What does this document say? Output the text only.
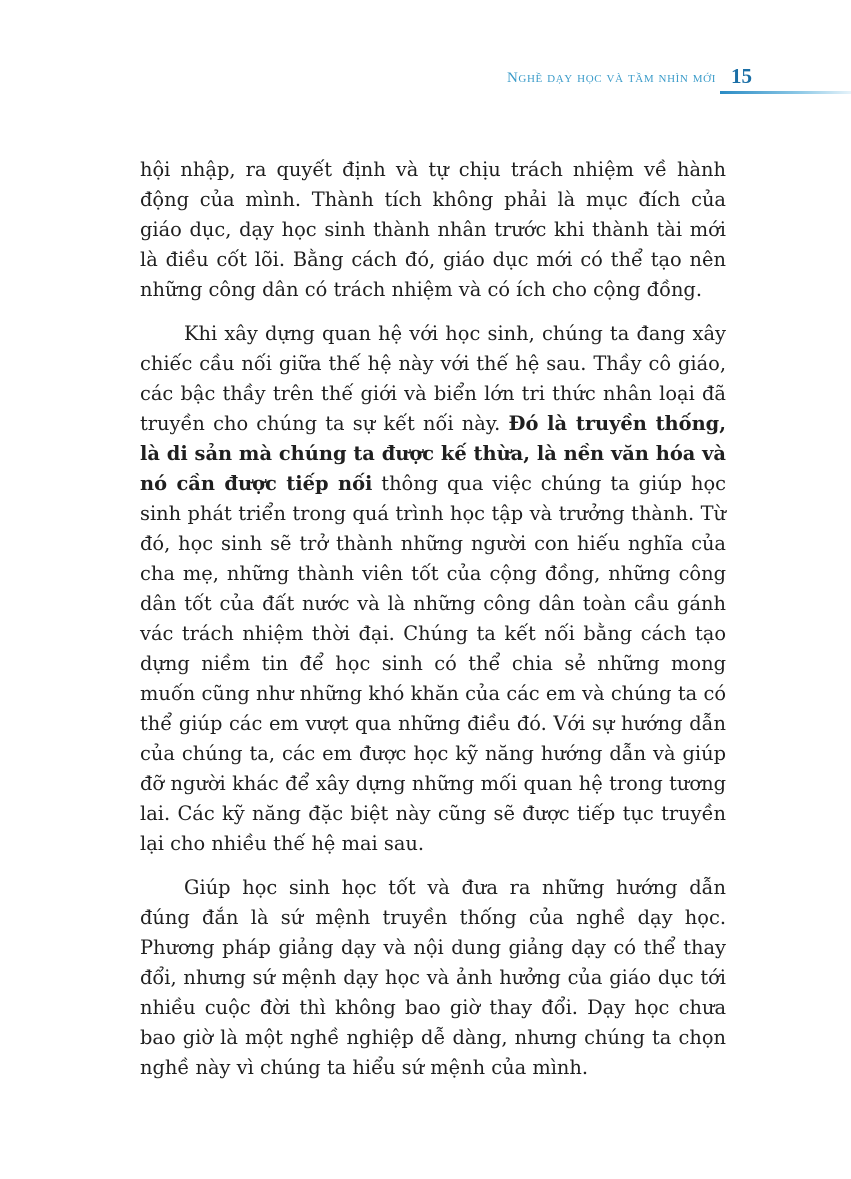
Nghề dạy học và tầm nhìn mới 15

hội nhập, ra quyết định và tự chịu trách nhiệm về hành động của mình. Thành tích không phải là mục đích của giáo dục, dạy học sinh thành nhân trước khi thành tài mới là điều cốt lõi. Bằng cách đó, giáo dục mới có thể tạo nên những công dân có trách nhiệm và có ích cho cộng đồng.

Khi xây dựng quan hệ với học sinh, chúng ta đang xây chiếc cầu nối giữa thế hệ này với thế hệ sau. Thầy cô giáo, các bậc thầy trên thế giới và biển lớn tri thức nhân loại đã truyền cho chúng ta sự kết nối này. Đó là truyền thống, là di sản mà chúng ta được kế thừa, là nền văn hóa và nó cần được tiếp nối thông qua việc chúng ta giúp học sinh phát triển trong quá trình học tập và trưởng thành. Từ đó, học sinh sẽ trở thành những người con hiếu nghĩa của cha mẹ, những thành viên tốt của cộng đồng, những công dân tốt của đất nước và là những công dân toàn cầu gánh vác trách nhiệm thời đại. Chúng ta kết nối bằng cách tạo dựng niềm tin để học sinh có thể chia sẻ những mong muốn cũng như những khó khăn của các em và chúng ta có thể giúp các em vượt qua những điều đó. Với sự hướng dẫn của chúng ta, các em được học kỹ năng hướng dẫn và giúp đỡ người khác để xây dựng những mối quan hệ trong tương lai. Các kỹ năng đặc biệt này cũng sẽ được tiếp tục truyền lại cho nhiều thế hệ mai sau.

Giúp học sinh học tốt và đưa ra những hướng dẫn đúng đắn là sứ mệnh truyền thống của nghề dạy học. Phương pháp giảng dạy và nội dung giảng dạy có thể thay đổi, nhưng sứ mệnh dạy học và ảnh hưởng của giáo dục tới nhiều cuộc đời thì không bao giờ thay đổi. Dạy học chưa bao giờ là một nghề nghiệp dễ dàng, nhưng chúng ta chọn nghề này vì chúng ta hiểu sứ mệnh của mình.
